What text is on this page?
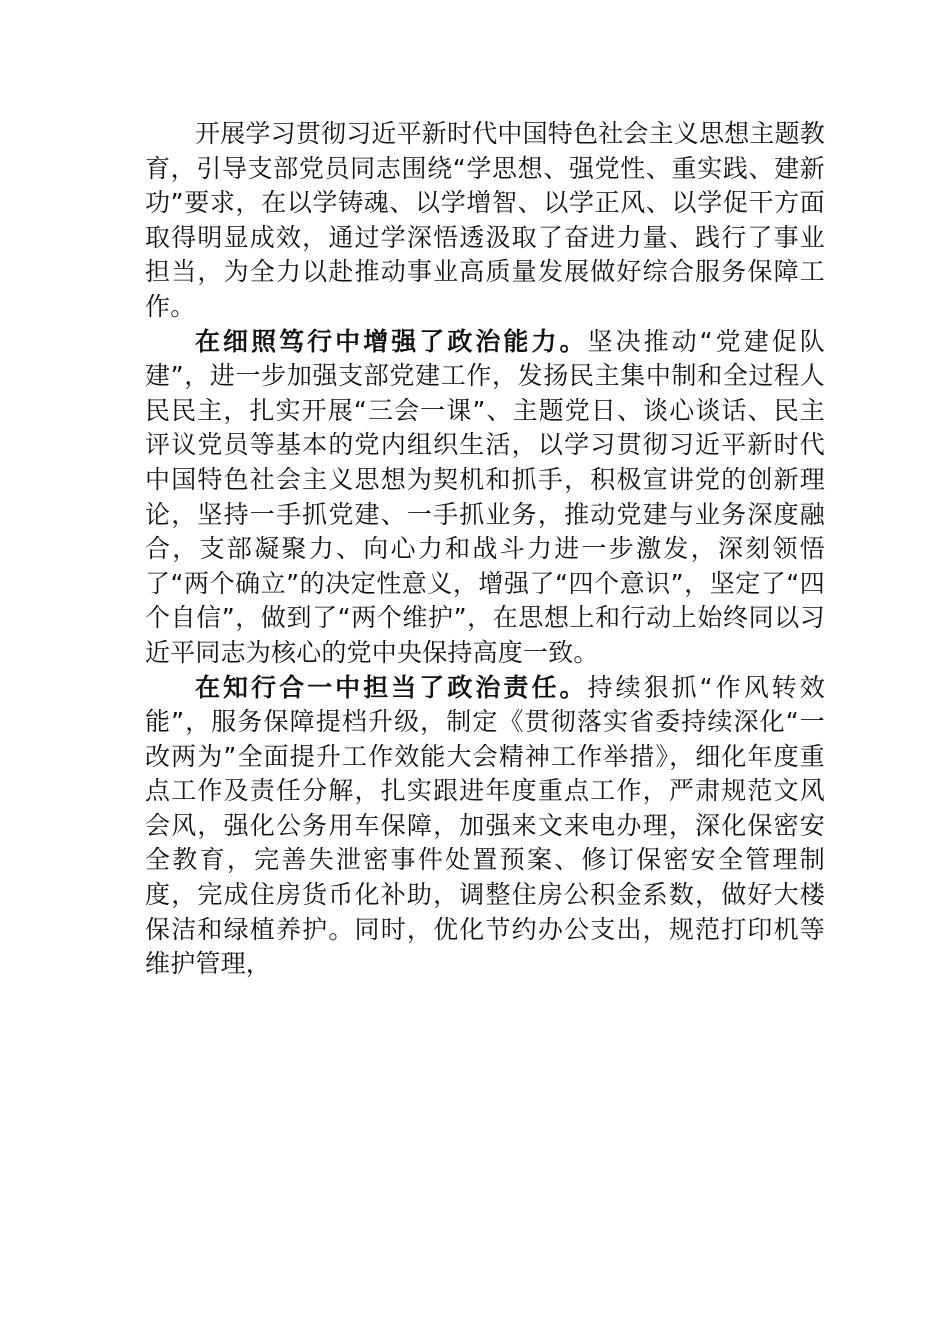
开展学习贯彻习近平新时代中国特色社会主义思想主题教育，引导支部党员同志围绕“学思想、强党性、重实践、建新功”要求，在以学铸魂、以学增智、以学正风、以学促干方面取得明显成效，通过学深悟透汲取了奋进力量、践行了事业担当，为全力以赴推动事业高质量发展做好综合服务保障工作。

在细照笃行中增强了政治能力。坚决推动“党建促队建”，进一步加强支部党建工作，发扬民主集中制和全过程人民民主，扎实开展“三会一课”、主题党日、谈心谈话、民主评议党员等基本的党内组织生活，以学习贯彻习近平新时代中国特色社会主义思想为契机和抓手，积极宣讲党的创新理论，坚持一手抓党建、一手抓业务，推动党建与业务深度融合，支部凝聚力、向心力和战斗力进一步激发，深刻领悟了“两个确立”的决定性意义，增强了“四个意识”，坚定了“四个自信”，做到了“两个维护”，在思想上和行动上始终同以习近平同志为核心的党中央保持高度一致。

在知行合一中担当了政治责任。持续狠抓“作风转效能”，服务保障提档升级，制定《贯彻落实省委持续深化“一改两为”全面提升工作效能大会精神工作举措》，细化年度重点工作及责任分解，扎实跟进年度重点工作，严肃规范文风会风，强化公务用车保障，加强来文来电办理，深化保密安全教育，完善失泄密事件处置预案、修订保密安全管理制度，完成住房货币化补助，调整住房公积金系数，做好大楼保洁和绿植养护。同时，优化节约办公支出，规范打印机等维护管理，
